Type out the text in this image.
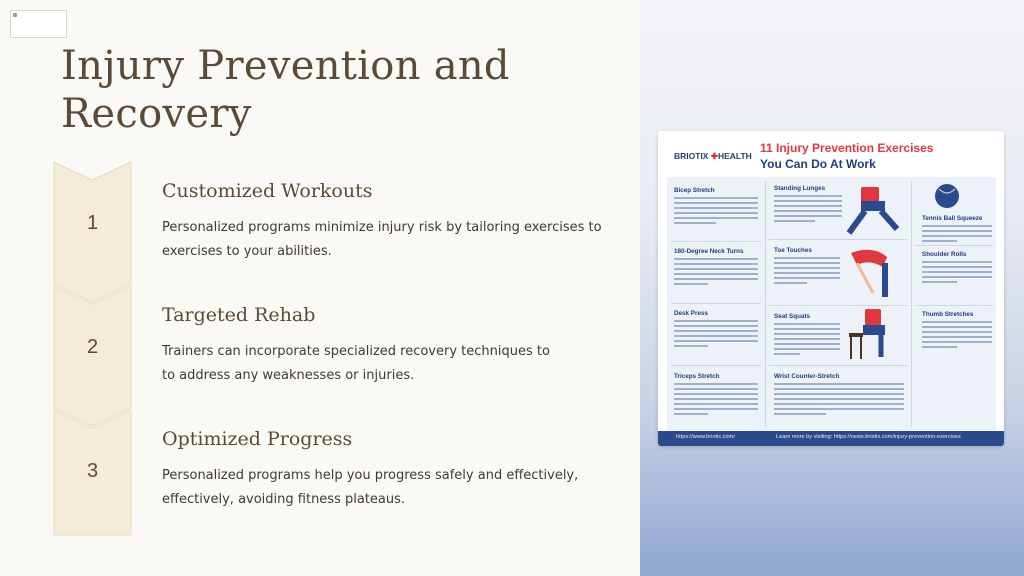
Injury Prevention and Recovery
1
2
3
Customized Workouts

Personalized programs minimize injury risk by tailoring exercises to
exercises to your abilities.

Targeted Rehab

Trainers can incorporate specialized recovery techniques to
to address any weaknesses or injuries.

Optimized Progress

Personalized programs help you progress safely and effectively,
effectively, avoiding fitness plateaus.

BRIOTIX ✚HEALTH
11 Injury Prevention Exercises
You Can Do At Work
Bicep Stretch
180-Degree Neck Turns
Desk Press
Triceps Stretch
Standing Lunges
Toe Touches
Seat Squats
Wrist Counter-Stretch
Tennis Ball Squeeze
Shoulder Rolls
Thumb Stretches
https://www.briotix.com/	Learn more by visiting: https://news.briotix.com/injury-prevention-exercises
